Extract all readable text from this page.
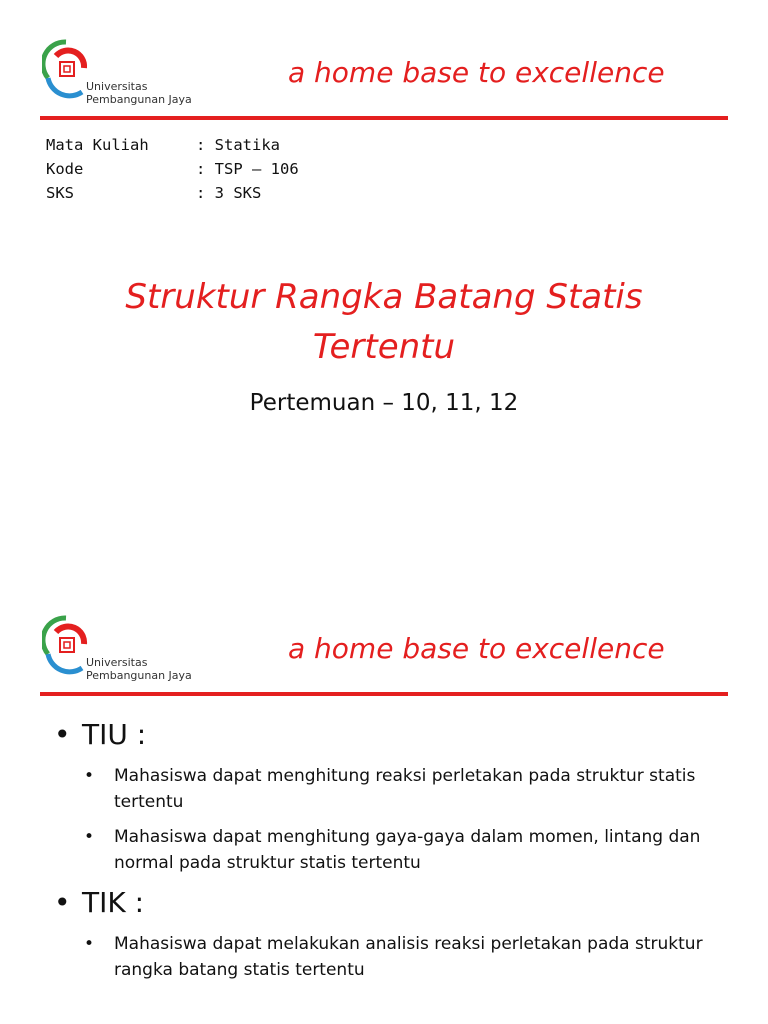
Universitas
Pembangunan Jaya
a home base to excellence
Mata Kuliah	: Statika
Kode	: TSP – 106
SKS	: 3 SKS
Struktur Rangka Batang Statis
Tertentu
Pertemuan – 10, 11, 12
Universitas
Pembangunan Jaya
a home base to excellence
• TIU :
•	Mahasiswa dapat menghitung reaksi perletakan pada struktur statis tertentu
•	Mahasiswa dapat menghitung gaya-gaya dalam momen, lintang dan normal pada struktur statis tertentu
• TIK :
•	Mahasiswa dapat melakukan analisis reaksi perletakan pada struktur rangka batang statis tertentu
